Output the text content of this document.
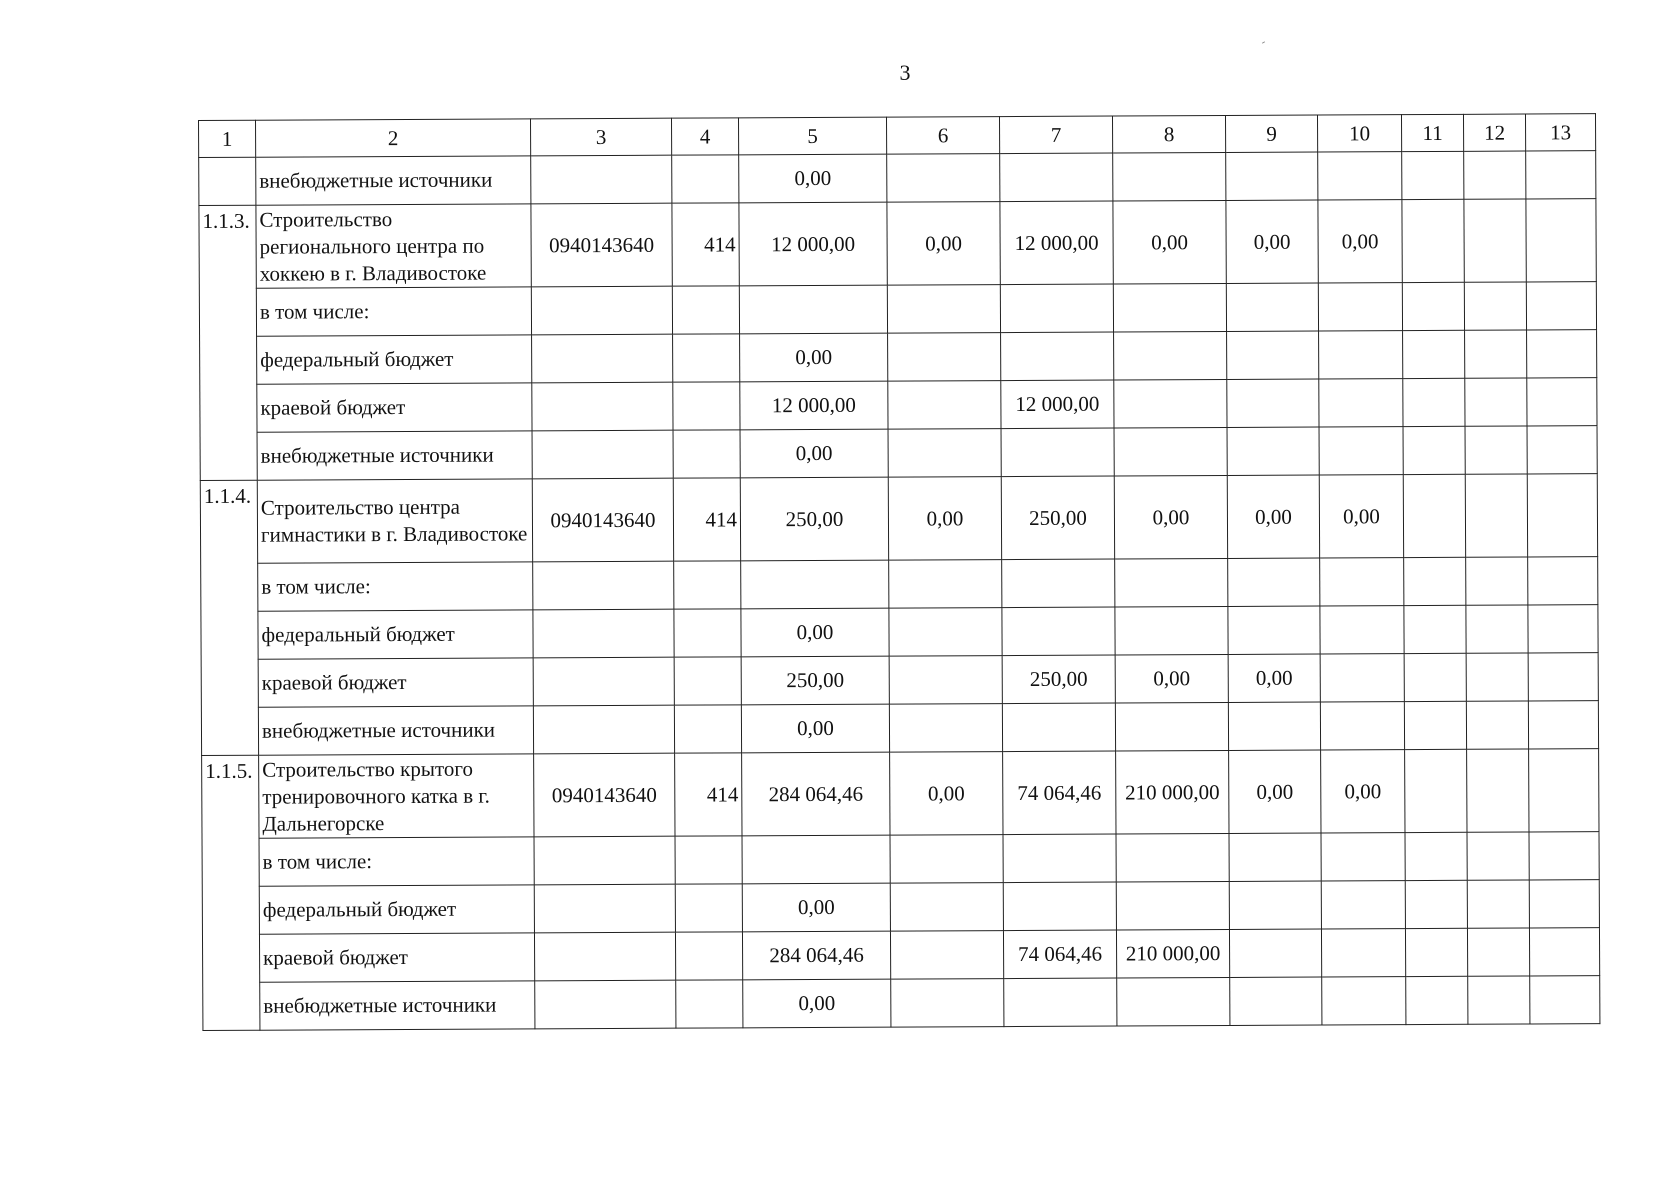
3
1	2	3	4	5	6	7	8	9	10	11	12	13
	внебюджетные источники			0,00								
1.1.3.	Строительство регионального центра по хоккею в г. Владивостоке	0940143640	414	12 000,00	0,00	12 000,00	0,00	0,00	0,00			
	в том числе:											
	федеральный бюджет			0,00								
	краевой бюджет			12 000,00		12 000,00						
	внебюджетные источники			0,00								
1.1.4.	Строительство центра гимнастики в г. Владивостоке	0940143640	414	250,00	0,00	250,00	0,00	0,00	0,00			
	в том числе:											
	федеральный бюджет			0,00								
	краевой бюджет			250,00		250,00	0,00	0,00				
	внебюджетные источники			0,00								
1.1.5.	Строительство крытого тренировочного катка в г. Дальнегорске	0940143640	414	284 064,46	0,00	74 064,46	210 000,00	0,00	0,00			
	в том числе:											
	федеральный бюджет			0,00								
	краевой бюджет			284 064,46		74 064,46	210 000,00					
	внебюджетные источники			0,00								
